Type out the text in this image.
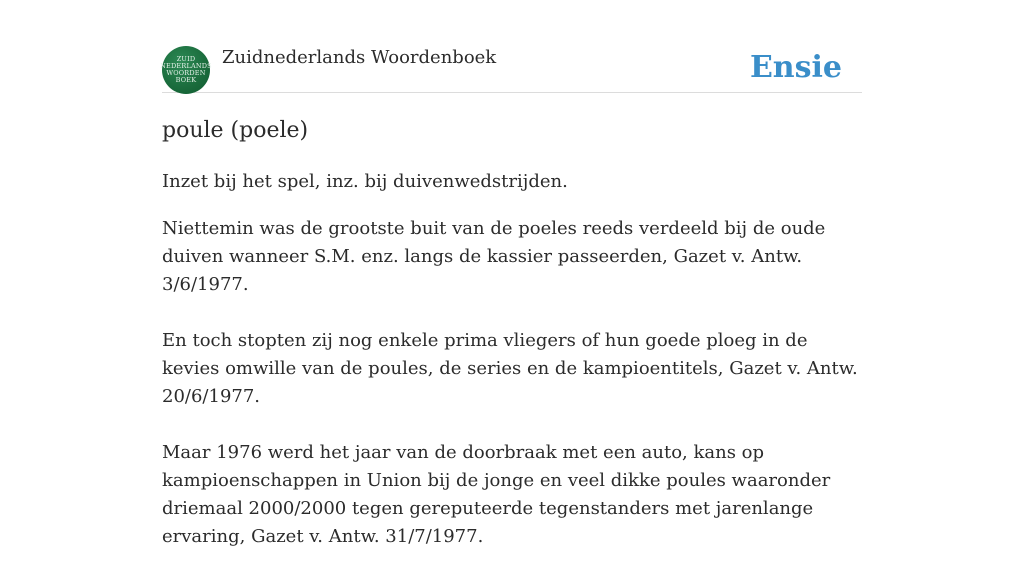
ZUID
NEDERLANDS
WOORDEN
BOEK
Zuidnederlands Woordenboek	Ensie
poule (poele)

Inzet bij het spel, inz. bij duivenwedstrijden.

Niettemin was de grootste buit van de poeles reeds verdeeld bij de oude duiven wanneer S.M. enz. langs de kassier passeerden, Gazet v. Antw. 3/6/1977.

En toch stopten zij nog enkele prima vliegers of hun goede ploeg in de kevies omwille van de poules, de series en de kampioentitels, Gazet v. Antw. 20/6/1977.

Maar 1976 werd het jaar van de doorbraak met een auto, kans op kampioenschappen in Union bij de jonge en veel dikke poules waaronder driemaal 2000/2000 tegen gereputeerde tegenstanders met jarenlange ervaring, Gazet v. Antw. 31/7/1977.
